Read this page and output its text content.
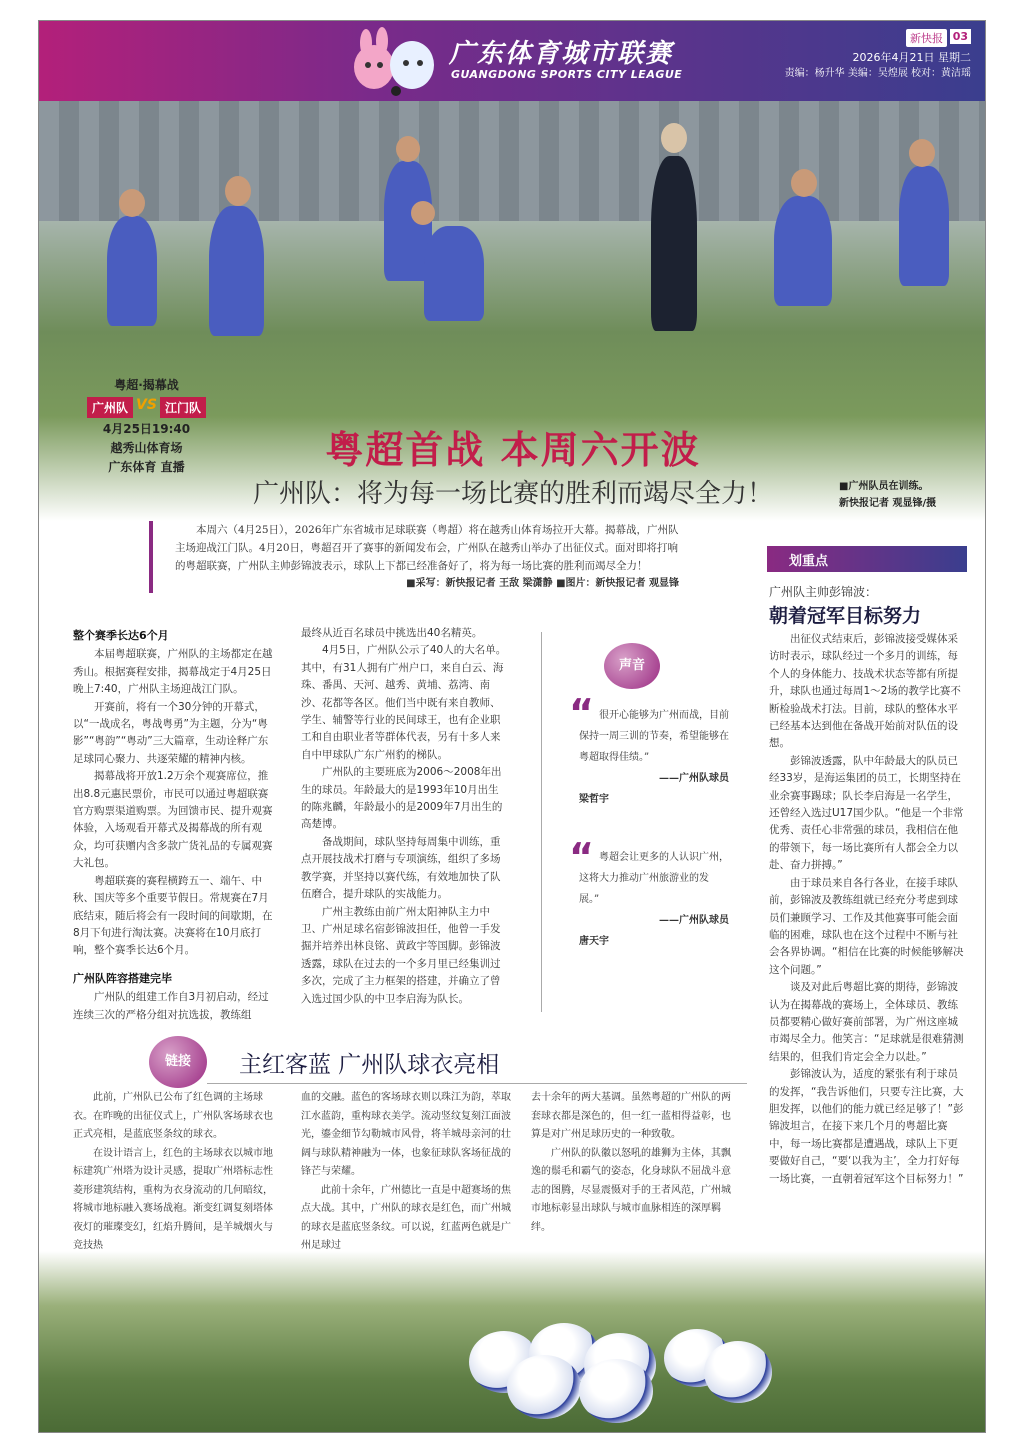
广东体育城市联赛
GUANGDONG SPORTS CITY LEAGUE
新快报 03
2026年4月21日 星期二
责编：杨升华 美编：吴煌展 校对：黄洁瑶
粤超·揭幕战
广州队 VS 江门队
4月25日19:40
越秀山体育场
广东体育 直播	粤超首战 本周六开波
广州队：将为每一场比赛的胜利而竭尽全力！	■广州队员在训练。
新快报记者 观显锋/摄
本周六（4月25日），2026年广东省城市足球联赛（粤超）将在越秀山体育场拉开大幕。揭幕战，广州队主场迎战江门队。4月20日，粤超召开了赛事的新闻发布会，广州队在越秀山举办了出征仪式。面对即将打响的粤超联赛，广州队主帅彭锦波表示，球队上下都已经准备好了，将为每一场比赛的胜利而竭尽全力！
■采写：新快报记者 王敌 梁潇静 ■图片：新快报记者 观显锋
整个赛季长达6个月

本届粤超联赛，广州队的主场都定在越秀山。根据赛程安排，揭幕战定于4月25日晚上7:40，广州队主场迎战江门队。

开赛前，将有一个30分钟的开幕式，以“一战成名，粤战粤勇”为主题，分为“粤影”“粤韵”“粤动”三大篇章，生动诠释广东足球同心聚力、共逐荣耀的精神内核。

揭幕战将开放1.2万余个观赛席位，推出8.8元惠民票价，市民可以通过粤超联赛官方购票渠道购票。为回馈市民、提升观赛体验，入场观看开幕式及揭幕战的所有观众，均可获赠内含多款广货礼品的专属观赛大礼包。

粤超联赛的赛程横跨五一、端午、中秋、国庆等多个重要节假日。常规赛在7月底结束，随后将会有一段时间的间歇期，在8月下旬进行淘汰赛。决赛将在10月底打响，整个赛季长达6个月。

广州队阵容搭建完毕

广州队的组建工作自3月初启动，经过连续三次的严格分组对抗选拔，教练组

最终从近百名球员中挑选出40名精英。

4月5日，广州队公示了40人的大名单。其中，有31人拥有广州户口，来自白云、海珠、番禺、天河、越秀、黄埔、荔湾、南沙、花都等各区。他们当中既有来自教师、学生、辅警等行业的民间球王，也有企业职工和自由职业者等群体代表，另有十多人来自中甲球队广东广州豹的梯队。

广州队的主要班底为2006～2008年出生的球员。年龄最大的是1993年10月出生的陈兆麟，年龄最小的是2009年7月出生的高楚博。

备战期间，球队坚持每周集中训练，重点开展技战术打磨与专项演练，组织了多场教学赛，并坚持以赛代练，有效地加快了队伍磨合，提升球队的实战能力。

广州主教练由前广州太阳神队主力中卫、广州足球名宿彭锦波担任，他曾一手发掘并培养出林良铭、黄政宇等国脚。彭锦波透露，球队在过去的一个多月里已经集训过多次，完成了主力框架的搭建，并确立了曾入选过国少队的中卫李启海为队长。

声音
“ 很开心能够为广州而战，目前保持一周三训的节奏，希望能够在粤超取得佳绩。”
——广州队球员
梁哲宇
“ 粤超会让更多的人认识广州，这将大力推动广州旅游业的发展。”
——广州队球员
唐天宇
划重点
广州队主帅彭锦波：
朝着冠军目标努力

出征仪式结束后，彭锦波接受媒体采访时表示，球队经过一个多月的训练，每个人的身体能力、技战术状态等都有所提升，球队也通过每周1～2场的教学比赛不断检验战术打法。目前，球队的整体水平已经基本达到他在备战开始前对队伍的设想。

彭锦波透露，队中年龄最大的队员已经33岁，是海运集团的员工，长期坚持在业余赛事踢球；队长李启海是一名学生，还曾经入选过U17国少队。“他是一个非常优秀、责任心非常强的球员，我相信在他的带领下，每一场比赛所有人都会全力以赴、奋力拼搏。”

由于球员来自各行各业，在接手球队前，彭锦波及教练组就已经充分考虑到球员们兼顾学习、工作及其他赛事可能会面临的困难，球队也在这个过程中不断与社会各界协调。“相信在比赛的时候能够解决这个问题。”

谈及对此后粤超比赛的期待，彭锦波认为在揭幕战的赛场上，全体球员、教练员都要精心做好赛前部署，为广州这座城市竭尽全力。他笑言：“足球就是很难猜测结果的，但我们肯定会全力以赴。”

彭锦波认为，适度的紧张有利于球员的发挥，“我告诉他们，只要专注比赛，大胆发挥，以他们的能力就已经足够了！”彭锦波坦言，在接下来几个月的粤超比赛中，每一场比赛都是遭遇战，球队上下更要做好自己，“要‘以我为主’，全力打好每一场比赛，一直朝着冠军这个目标努力！”

链接	主红客蓝 广州队球衣亮相

此前，广州队已公布了红色调的主场球衣。在昨晚的出征仪式上，广州队客场球衣也正式亮相，是蓝底竖条纹的球衣。

在设计语言上，红色的主场球衣以城市地标建筑广州塔为设计灵感，提取广州塔标志性菱形建筑结构，重构为衣身流动的几何暗纹，将城市地标融入赛场战袍。渐变红调复刻塔体夜灯的璀璨变幻，红焰升腾间，是羊城烟火与竞技热

血的交融。蓝色的客场球衣则以珠江为韵，萃取江水蓝韵，重构球衣美学。流动竖纹复刻江面波光，鎏金细节勾勒城市风骨，将羊城母亲河的壮阔与球队精神融为一体，也象征球队客场征战的锋芒与荣耀。

此前十余年，广州德比一直是中超赛场的焦点大战。其中，广州队的球衣是红色，而广州城的球衣是蓝底竖条纹。可以说，红蓝两色就是广州足球过

去十余年的两大基调。虽然粤超的广州队的两套球衣都是深色的，但一红一蓝相得益彰，也算是对广州足球历史的一种致敬。

广州队的队徽以怒吼的雄狮为主体，其飘逸的鬃毛和霸气的姿态，化身球队不屈战斗意志的图腾，尽显震慑对手的王者风范，广州城市地标彰显出球队与城市血脉相连的深厚羁绊。
